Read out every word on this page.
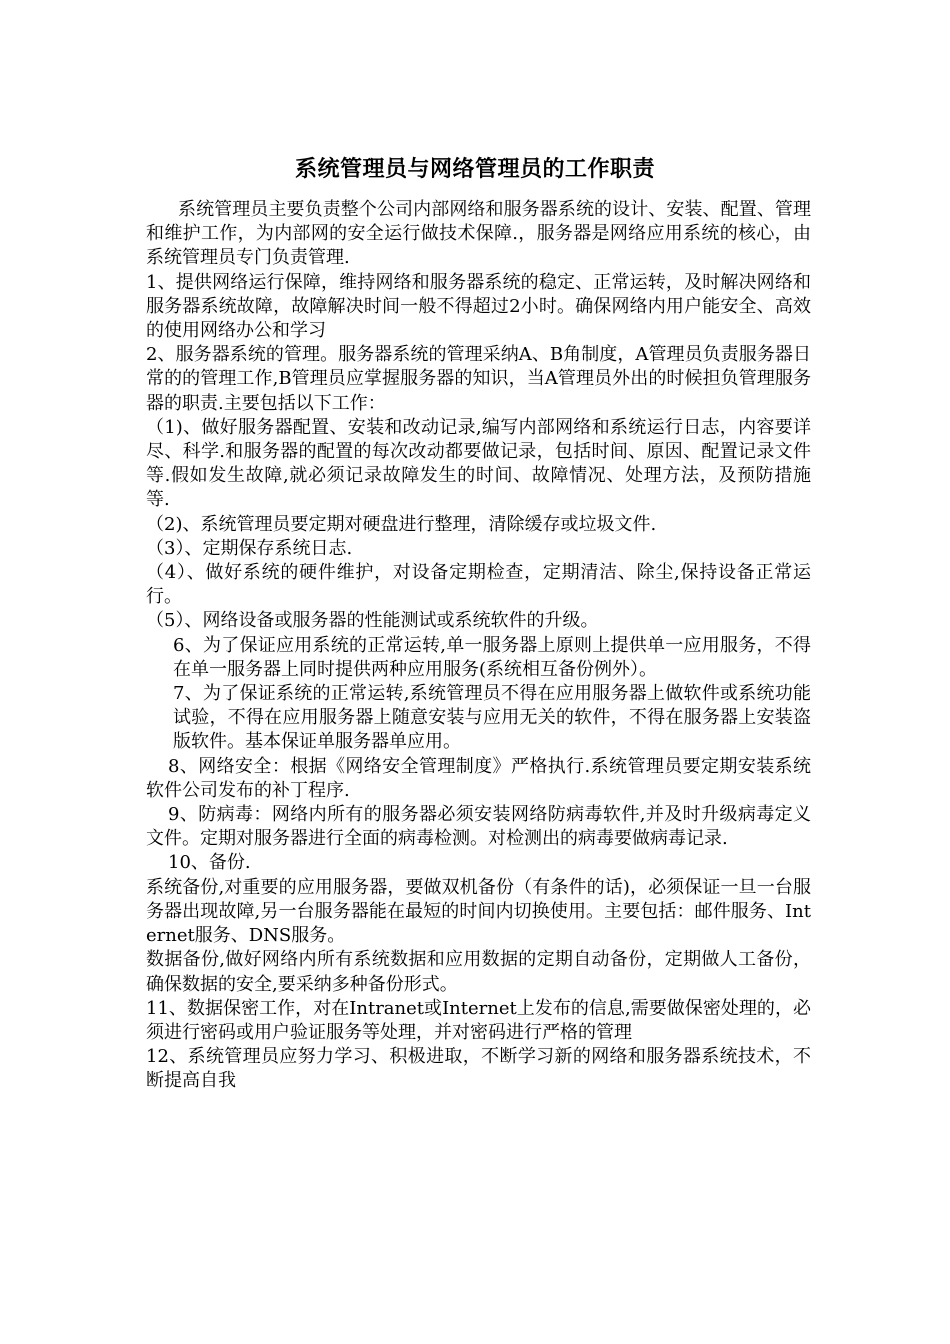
系统管理员与网络管理员的工作职责

系统管理员主要负责整个公司内部网络和服务器系统的设计、安装、配置、管理和维护工作，为内部网的安全运行做技术保障.，服务器是网络应用系统的核心，由系统管理员专门负责管理.

1、提供网络运行保障，维持网络和服务器系统的稳定、正常运转，及时解决网络和服务器系统故障，故障解决时间一般不得超过2小时。确保网络内用户能安全、高效的使用网络办公和学习

2、服务器系统的管理。服务器系统的管理采纳A、B角制度，A管理员负责服务器日常的的管理工作,B管理员应掌握服务器的知识，当A管理员外出的时候担负管理服务器的职责.主要包括以下工作：

（1)、做好服务器配置、安装和改动记录,编写内部网络和系统运行日志，内容要详尽、科学.和服务器的配置的每次改动都要做记录，包括时间、原因、配置记录文件等.假如发生故障,就必须记录故障发生的时间、故障情况、处理方法，及预防措施等.

（2)、系统管理员要定期对硬盘进行整理，清除缓存或垃圾文件.

（3）、定期保存系统日志.

（4）、做好系统的硬件维护，对设备定期检查，定期清洁、除尘,保持设备正常运行。

（5）、网络设备或服务器的性能测试或系统软件的升级。

6、为了保证应用系统的正常运转,单一服务器上原则上提供单一应用服务，不得在单一服务器上同时提供两种应用服务(系统相互备份例外）。

7、为了保证系统的正常运转,系统管理员不得在应用服务器上做软件或系统功能试验，不得在应用服务器上随意安装与应用无关的软件，不得在服务器上安装盗版软件。基本保证单服务器单应用。

8、网络安全：根据《网络安全管理制度》严格执行.系统管理员要定期安装系统软件公司发布的补丁程序.

9、防病毒：网络内所有的服务器必须安装网络防病毒软件,并及时升级病毒定义文件。定期对服务器进行全面的病毒检测。对检测出的病毒要做病毒记录.

10、备份.

系统备份,对重要的应用服务器，要做双机备份（有条件的话)，必须保证一旦一台服务器出现故障,另一台服务器能在最短的时间内切换使用。主要包括：邮件服务、Internet服务、DNS服务。

数据备份,做好网络内所有系统数据和应用数据的定期自动备份，定期做人工备份，确保数据的安全,要采纳多种备份形式。

11、数据保密工作，对在Intranet或Internet上发布的信息,需要做保密处理的，必须进行密码或用户验证服务等处理，并对密码进行严格的管理

12、系统管理员应努力学习、积极进取，不断学习新的网络和服务器系统技术，不断提高自我
